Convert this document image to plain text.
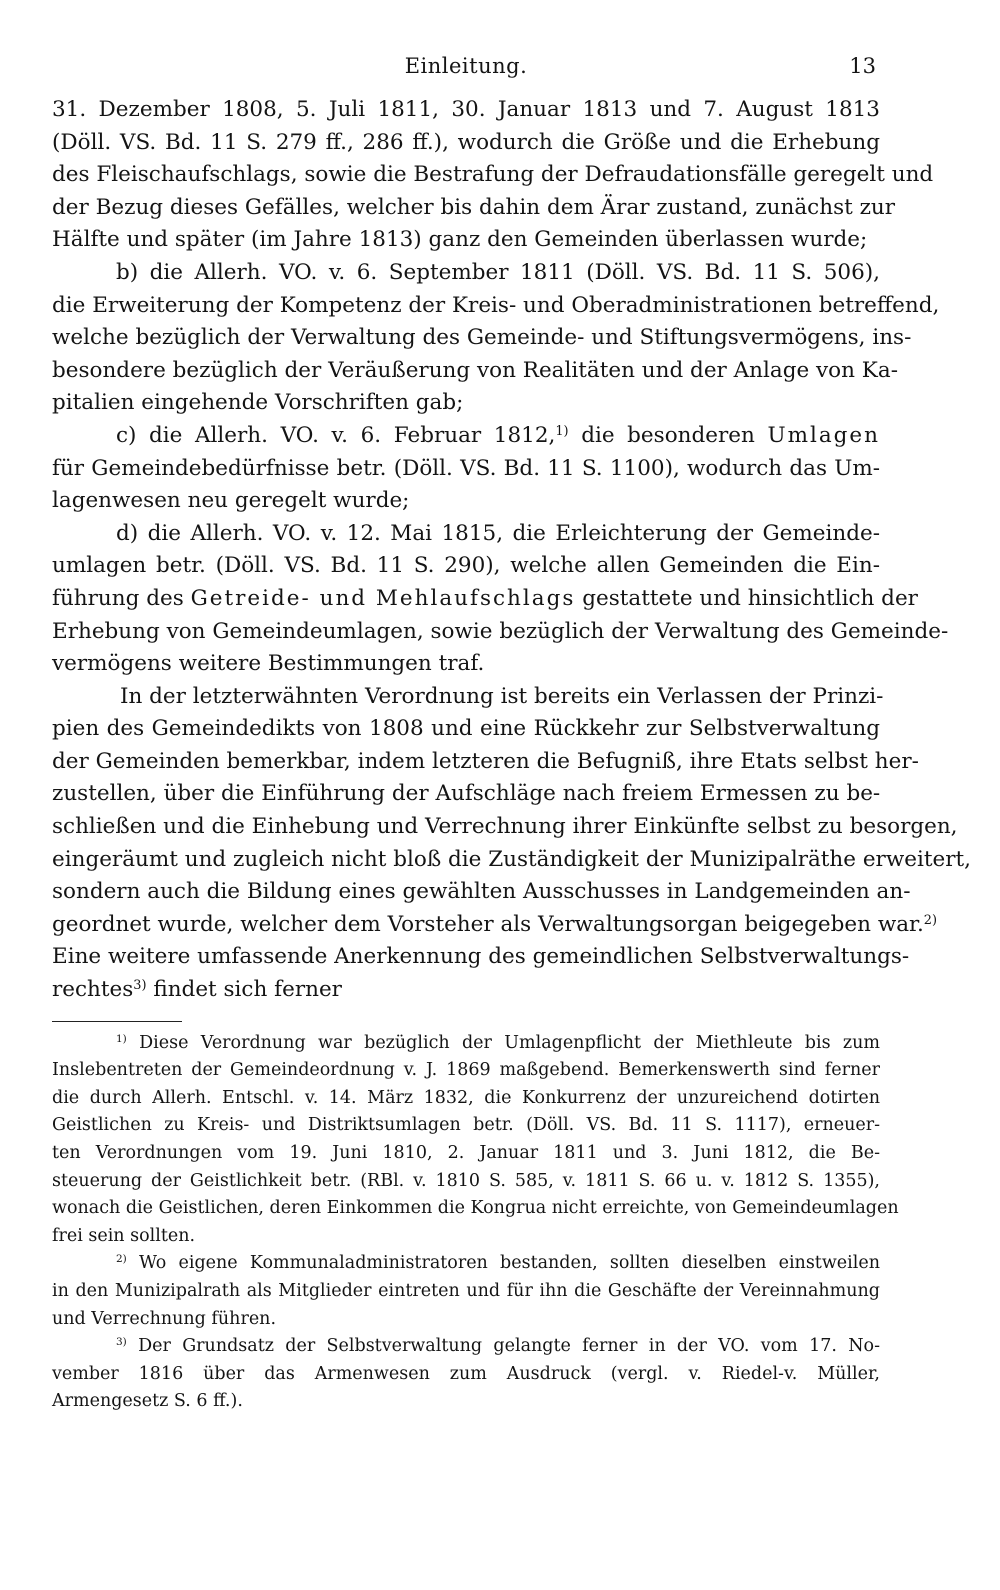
Einleitung.	13
31. Dezember 1808, 5. Juli 1811, 30. Januar 1813 und 7. August 1813
(Döll. VS. Bd. 11 S. 279 ff., 286 ff.), wodurch die Größe und die Erhebung
des Fleischaufschlags, sowie die Bestrafung der Defraudationsfälle geregelt und
der Bezug dieses Gefälles, welcher bis dahin dem Ärar zustand, zunächst zur
Hälfte und später (im Jahre 1813) ganz den Gemeinden überlassen wurde;
b) die Allerh. VO. v. 6. September 1811 (Döll. VS. Bd. 11 S. 506),
die Erweiterung der Kompetenz der Kreis- und Oberadministrationen betreffend,
welche bezüglich der Verwaltung des Gemeinde- und Stiftungsvermögens, ins-
besondere bezüglich der Veräußerung von Realitäten und der Anlage von Ka-
pitalien eingehende Vorschriften gab;
c) die Allerh. VO. v. 6. Februar 1812,$^{1)}$ die besonderen Umlagen
für Gemeindebedürfnisse betr. (Döll. VS. Bd. 11 S. 1100), wodurch das Um-
lagenwesen neu geregelt wurde;
d) die Allerh. VO. v. 12. Mai 1815, die Erleichterung der Gemeinde-
umlagen betr. (Döll. VS. Bd. 11 S. 290), welche allen Gemeinden die Ein-
führung des Getreide- und Mehlaufschlags gestattete und hinsichtlich der
Erhebung von Gemeindeumlagen, sowie bezüglich der Verwaltung des Gemeinde-
vermögens weitere Bestimmungen traf.
In der letzterwähnten Verordnung ist bereits ein Verlassen der Prinzi-
pien des Gemeindedikts von 1808 und eine Rückkehr zur Selbstverwaltung
der Gemeinden bemerkbar, indem letzteren die Befugniß, ihre Etats selbst her-
zustellen, über die Einführung der Aufschläge nach freiem Ermessen zu be-
schließen und die Einhebung und Verrechnung ihrer Einkünfte selbst zu besorgen,
eingeräumt und zugleich nicht bloß die Zuständigkeit der Munizipalräthe erweitert,
sondern auch die Bildung eines gewählten Ausschusses in Landgemeinden an-
geordnet wurde, welcher dem Vorsteher als Verwaltungsorgan beigegeben war.$^{2)}$
Eine weitere umfassende Anerkennung des gemeindlichen Selbstverwaltungs-
rechtes$^{3)}$ findet sich ferner
$^{1)}$ Diese Verordnung war bezüglich der Umlagenpflicht der Miethleute bis zum
Inslebentreten der Gemeindeordnung v. J. 1869 maßgebend. Bemerkenswerth sind ferner
die durch Allerh. Entschl. v. 14. März 1832, die Konkurrenz der unzureichend dotirten
Geistlichen zu Kreis- und Distriktsumlagen betr. (Döll. VS. Bd. 11 S. 1117), erneuer-
ten Verordnungen vom 19. Juni 1810, 2. Januar 1811 und 3. Juni 1812, die Be-
steuerung der Geistlichkeit betr. (RBl. v. 1810 S. 585, v. 1811 S. 66 u. v. 1812 S. 1355),
wonach die Geistlichen, deren Einkommen die Kongrua nicht erreichte, von Gemeindeumlagen
frei sein sollten.
$^{2)}$ Wo eigene Kommunaladministratoren bestanden, sollten dieselben einstweilen
in den Munizipalrath als Mitglieder eintreten und für ihn die Geschäfte der Vereinnahmung
und Verrechnung führen.
$^{3)}$ Der Grundsatz der Selbstverwaltung gelangte ferner in der VO. vom 17. No-
vember 1816 über das Armenwesen zum Ausdruck (vergl. v. Riedel-v. Müller,
Armengesetz S. 6 ff.).
